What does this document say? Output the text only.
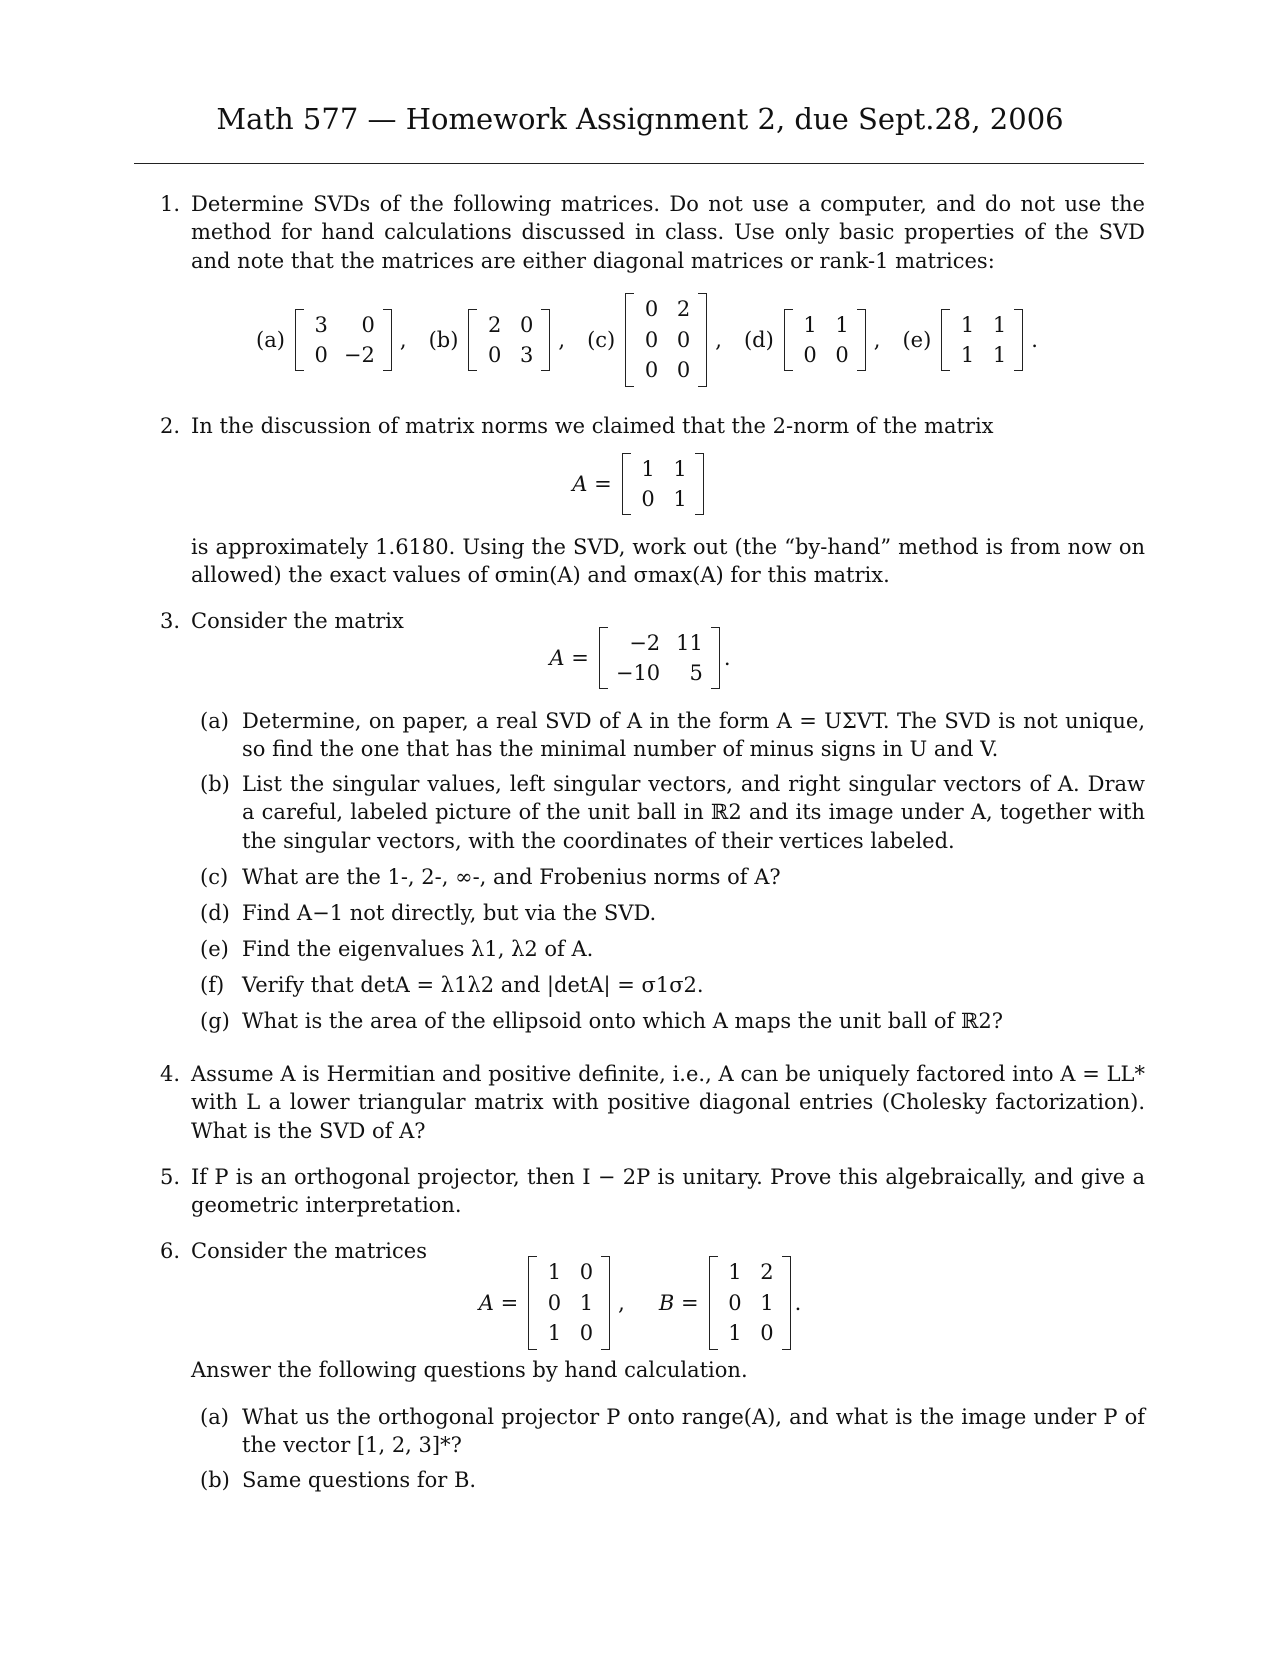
Math 577 — Homework Assignment 2, due Sept.28, 2006
1. Determine SVDs of the following matrices. Do not use a computer, and do not use the method for hand calculations discussed in class. Use only basic properties of the SVD and note that the matrices are either diagonal matrices or rank-1 matrices:
(a)
3	0
0 −2
, (b)
2 0
0 3
, (c)
0 2
0 0
0 0
, (d)
1 1
0 0
, (e)
1 1
1 1
.
2. In the discussion of matrix norms we claimed that the 2-norm of the matrix
A =
1 1
0 1
is approximately 1.6180. Using the SVD, work out (the “by-hand” method is from now on allowed) the exact values of σmin(A) and σmax(A) for this matrix.
3. Consider the matrix
A =
−2 11
−10	5
.
(a) Determine, on paper, a real SVD of A in the form A = UΣVT. The SVD is not unique, so find the one that has the minimal number of minus signs in U and V.
(b) List the singular values, left singular vectors, and right singular vectors of A. Draw a careful, labeled picture of the unit ball in ℝ2 and its image under A, together with the singular vectors, with the coordinates of their vertices labeled.
(c) What are the 1-, 2-, ∞-, and Frobenius norms of A?
(d) Find A−1 not directly, but via the SVD.
(e) Find the eigenvalues λ1, λ2 of A.
(f) Verify that detA = λ1λ2 and |detA| = σ1σ2.
(g) What is the area of the ellipsoid onto which A maps the unit ball of ℝ2?
4. Assume A is Hermitian and positive definite, i.e., A can be uniquely factored into A = LL* with L a lower triangular matrix with positive diagonal entries (Cholesky factorization). What is the SVD of A?
5. If P is an orthogonal projector, then I − 2P is unitary. Prove this algebraically, and give a geometric interpretation.
6. Consider the matrices
A =
1 0
0 1
1 0
, B =
1 2
0 1
1 0
.
Answer the following questions by hand calculation.
(a) What us the orthogonal projector P onto range(A), and what is the image under P of the vector [1, 2, 3]*?
(b) Same questions for B.
